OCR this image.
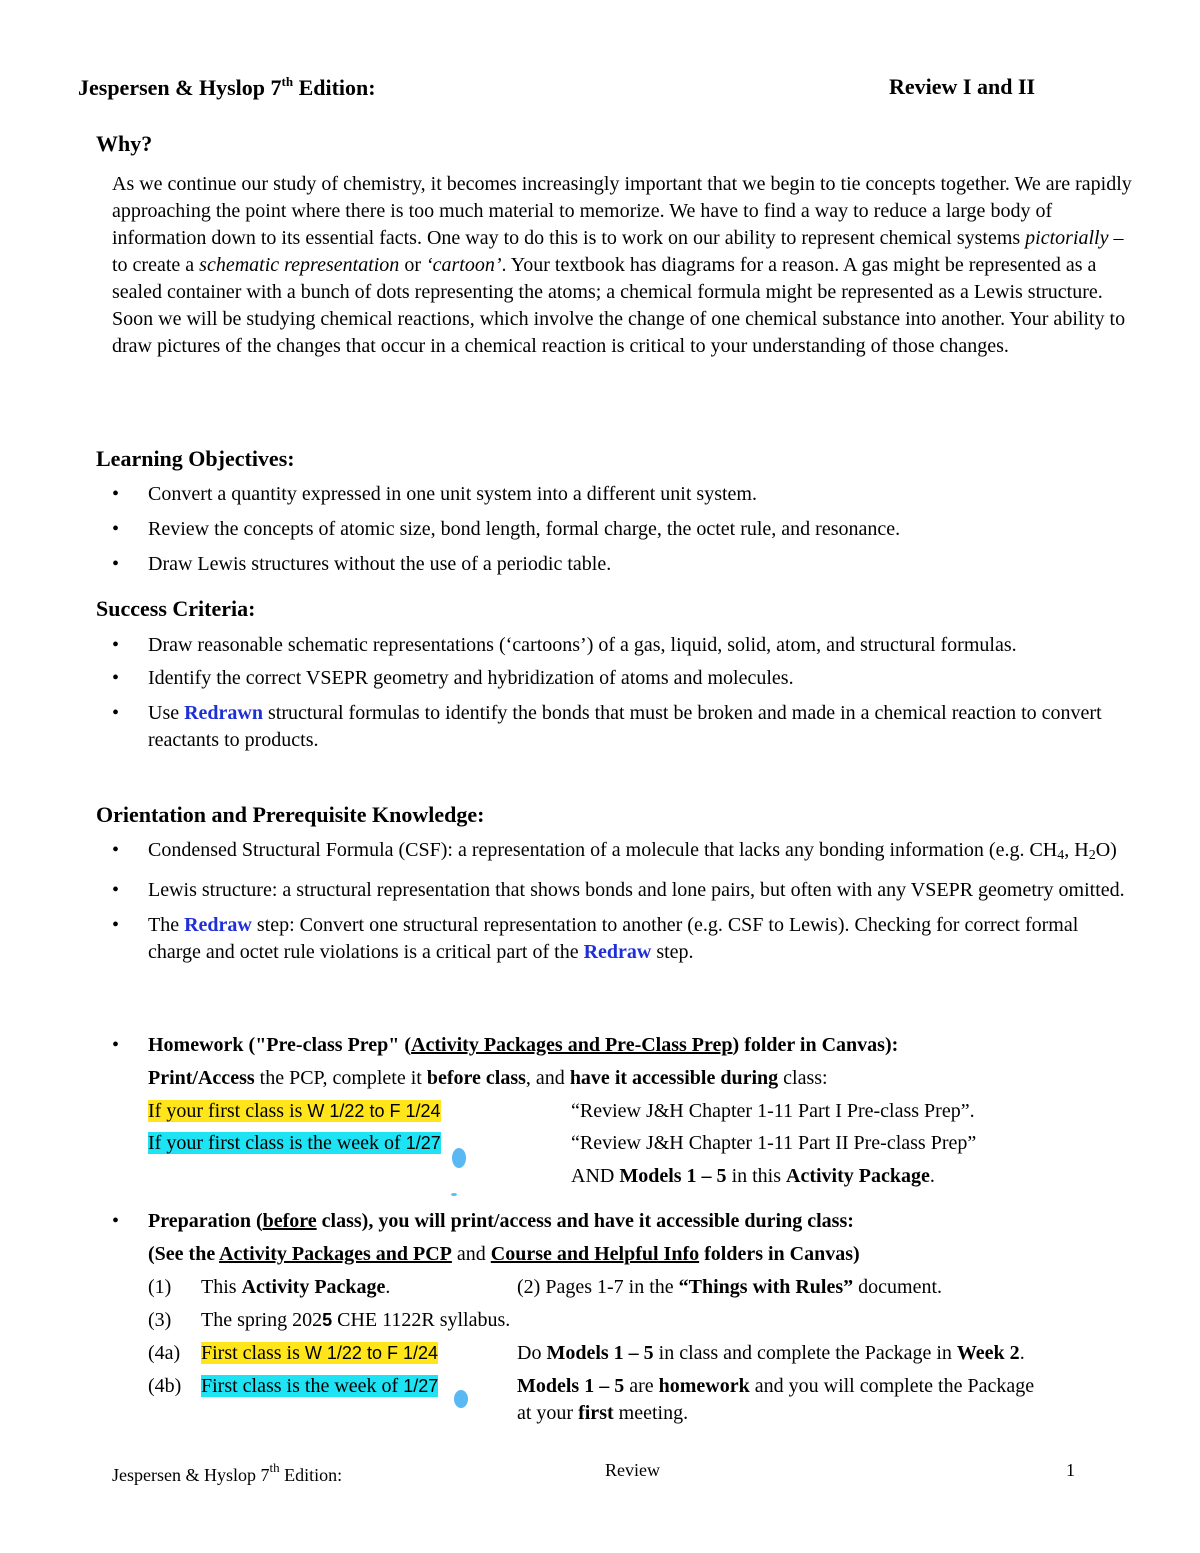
Jespersen & Hyslop 7th Edition:	Review I and II
Why?
As we continue our study of chemistry, it becomes increasingly important that we begin to tie concepts together. We are rapidly approaching the point where there is too much material to memorize. We have to find a way to reduce a large body of information down to its essential facts. One way to do this is to work on our ability to represent chemical systems pictorially – to create a schematic representation or ‘cartoon’. Your textbook has diagrams for a reason. A gas might be represented as a sealed container with a bunch of dots representing the atoms; a chemical formula might be represented as a Lewis structure. Soon we will be studying chemical reactions, which involve the change of one chemical substance into another. Your ability to draw pictures of the changes that occur in a chemical reaction is critical to your understanding of those changes.
Learning Objectives:
• Convert a quantity expressed in one unit system into a different unit system.
• Review the concepts of atomic size, bond length, formal charge, the octet rule, and resonance.
• Draw Lewis structures without the use of a periodic table.
Success Criteria:
• Draw reasonable schematic representations (‘cartoons’) of a gas, liquid, solid, atom, and structural formulas.
• Identify the correct VSEPR geometry and hybridization of atoms and molecules.
• Use Redrawn structural formulas to identify the bonds that must be broken and made in a chemical reaction to convert reactants to products.
Orientation and Prerequisite Knowledge:
• Condensed Structural Formula (CSF): a representation of a molecule that lacks any bonding information (e.g. $CH_4$, $H_2O$)
• Lewis structure: a structural representation that shows bonds and lone pairs, but often with any VSEPR geometry omitted.
• The Redraw step: Convert one structural representation to another (e.g. CSF to Lewis). Checking for correct formal charge and octet rule violations is a critical part of the Redraw step.
• Homework ("Pre-class Prep" (Activity Packages and Pre-Class Prep) folder in Canvas):
Print/Access the PCP, complete it before class, and have it accessible during class:
If your first class is W 1/22 to F 1/24	“Review J&H Chapter 1-11 Part I Pre-class Prep”.
If your first class is the week of 1/27	“Review J&H Chapter 1-11 Part II Pre-class Prep”
AND Models 1 – 5 in this Activity Package.
• Preparation (before class), you will print/access and have it accessible during class:
(See the Activity Packages and PCP and Course and Helpful Info folders in Canvas)
(1) This Activity Package.	(2) Pages 1-7 in the “Things with Rules” document.
(3) The spring 2025 CHE 1122R syllabus.
(4a) First class is W 1/22 to F 1/24	Do Models 1 – 5 in class and complete the Package in Week 2.
(4b) First class is the week of 1/27	Models 1 – 5 are homework and you will complete the Package
at your first meeting.
Jespersen & Hyslop 7th Edition:	Review	1
